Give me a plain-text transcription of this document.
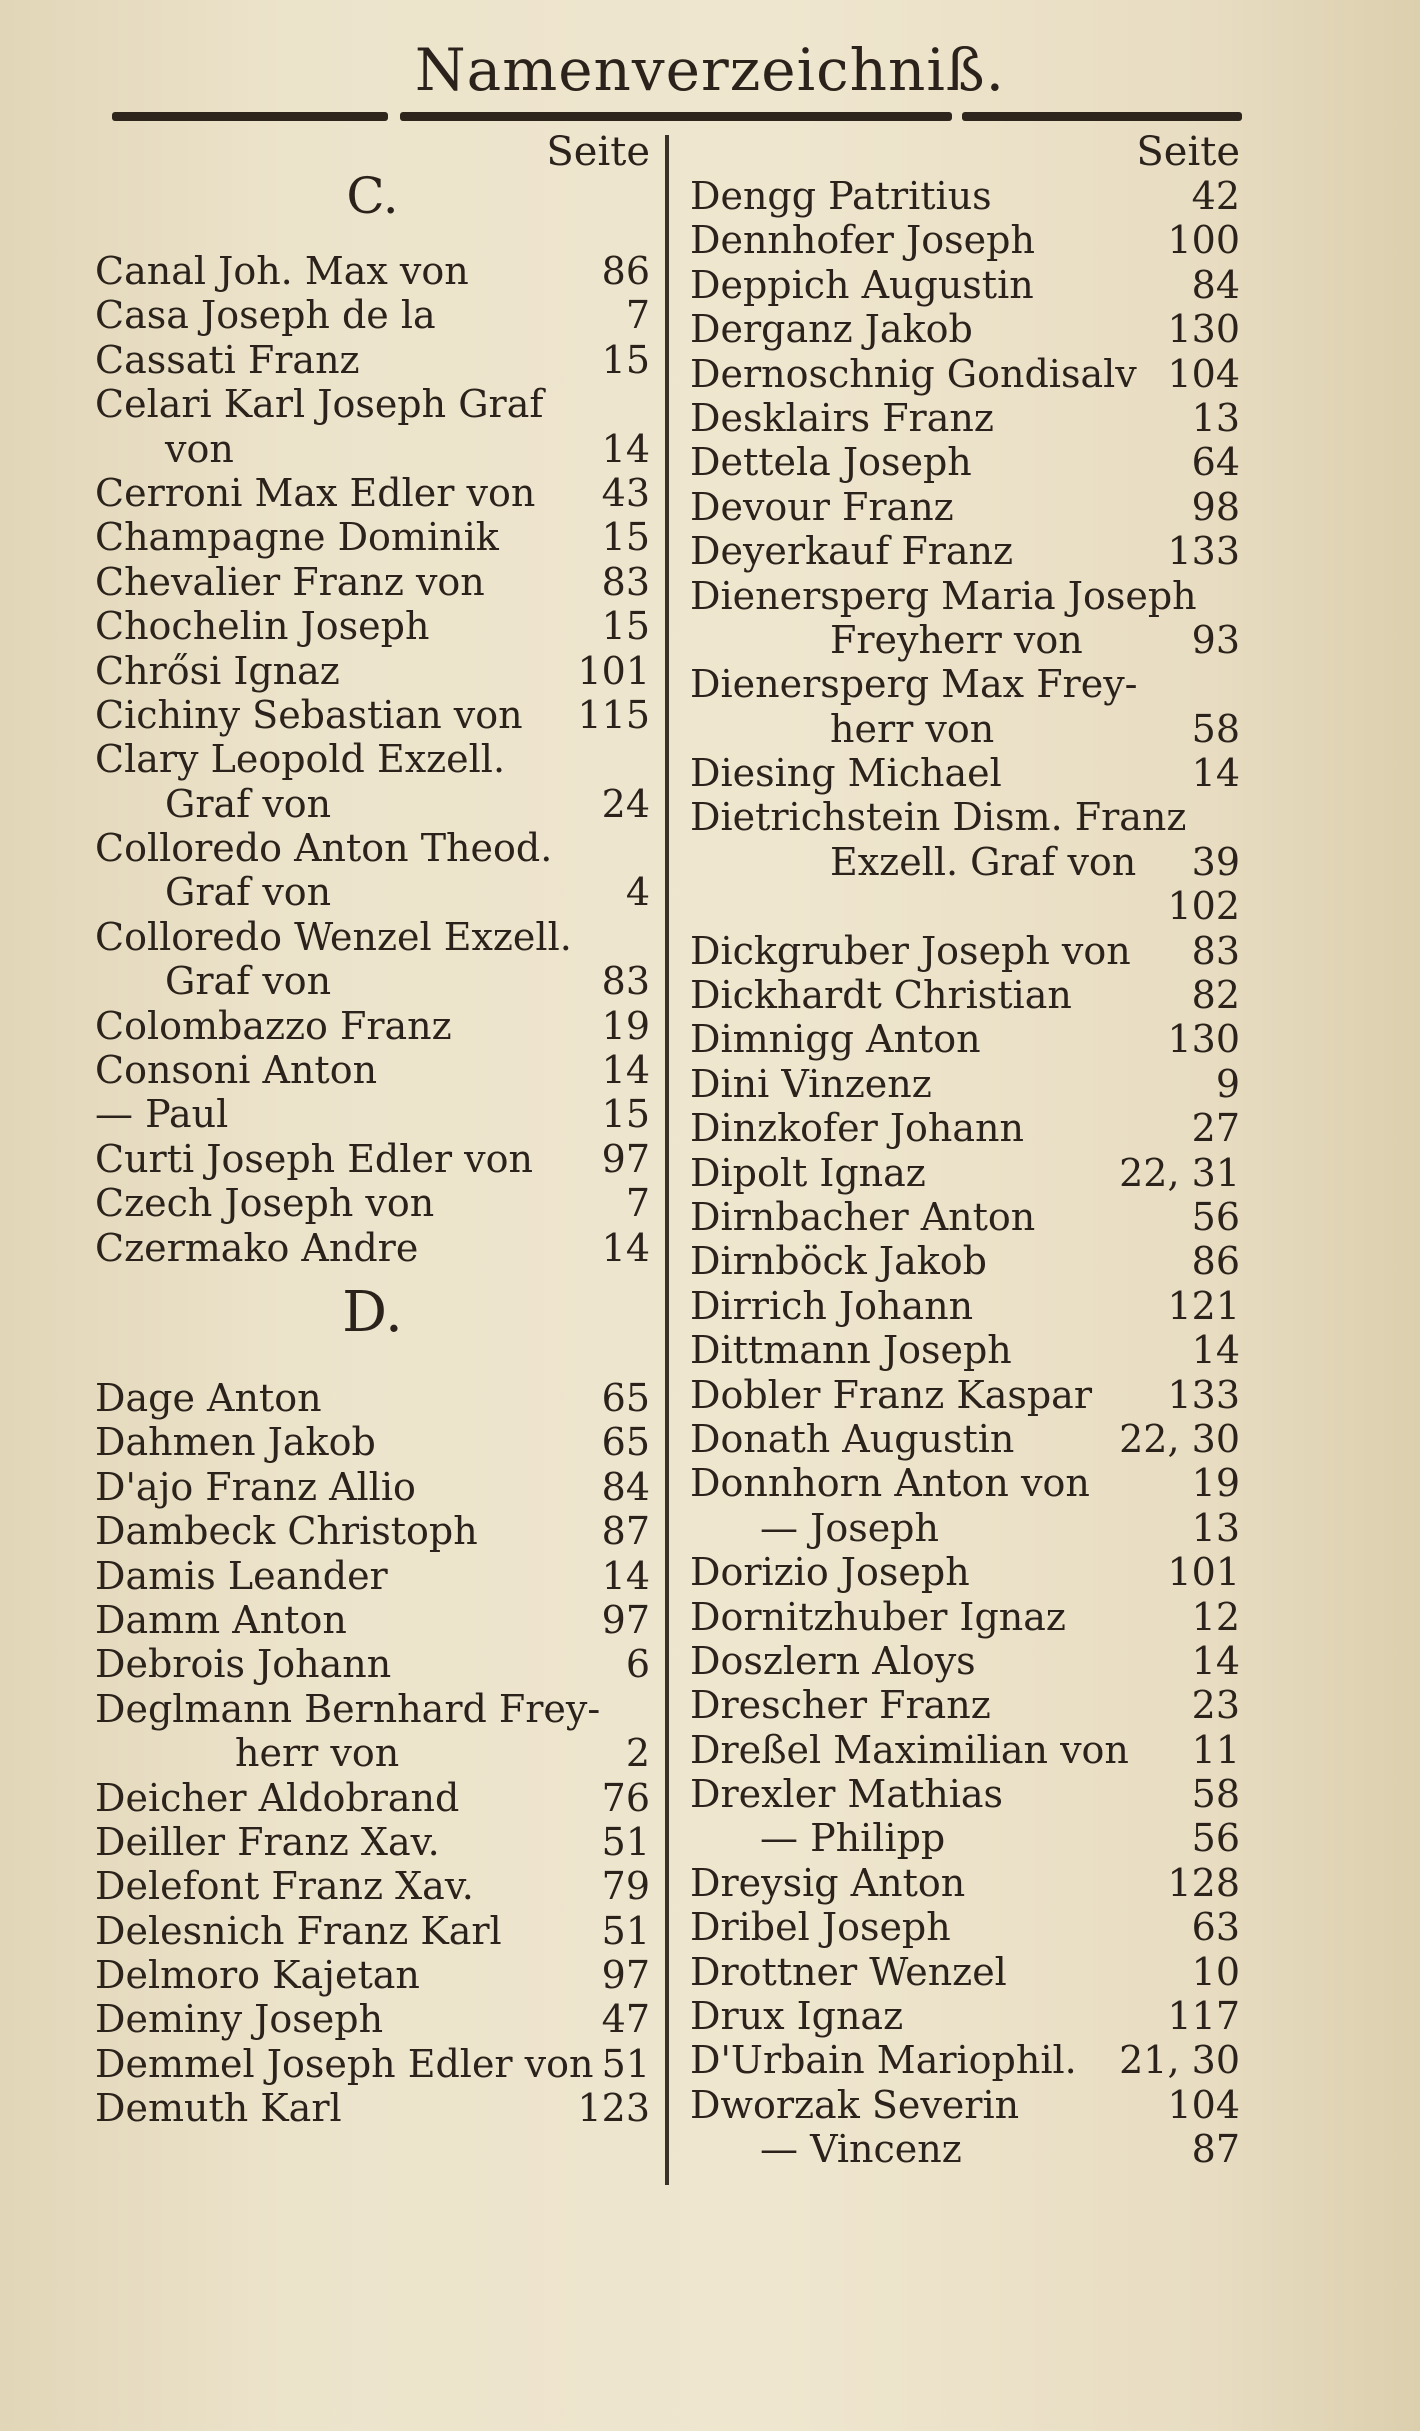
Namenverzeichniß.
Seite
C.
Canal Joh. Max von	86
Casa Joseph de la	7
Cassati Franz	15
Celari Karl Joseph Graf
von	14
Cerroni Max Edler von 43
Champagne Dominik	15
Chevalier Franz von	83
Chochelin Joseph	15
Chrősi Ignaz	101
Cichiny Sebastian von 115
Clary Leopold Exzell.
Graf von	24
Colloredo Anton Theod.
Graf von	4
Colloredo Wenzel Exzell.
Graf von	83
Colombazzo Franz	19
Consoni Anton	14
— Paul	15
Curti Joseph Edler von 97
Czech Joseph von	7
Czermako Andre	14
D.
Dage Anton	65
Dahmen Jakob	65
D'ajo Franz Allio	84
Dambeck Christoph	87
Damis Leander	14
Damm Anton	97
Debrois Johann	6
Deglmann Bernhard Frey-
herr von	2
Deicher Aldobrand	76
Deiller Franz Xav.	51
Delefont Franz Xav.	79
Delesnich Franz Karl	51
Delmoro Kajetan	97
Deminy Joseph	47
Demmel Joseph Edler von 51
Demuth Karl	123
Seite
Dengg Patritius	42
Dennhofer Joseph	100
Deppich Augustin	84
Derganz Jakob	130
Dernoschnig Gondisalv 104
Desklairs Franz	13
Dettela Joseph	64
Devour Franz	98
Deyerkauf Franz	133
Dienersperg Maria Joseph
Freyherr von	93
Dienersperg Max Frey-
herr von	58
Diesing Michael	14
Dietrichstein Dism. Franz
Exzell. Graf von 39
102
Dickgruber Joseph von 83
Dickhardt Christian	82
Dimnigg Anton	130
Dini Vinzenz	9
Dinzkofer Johann	27
Dipolt Ignaz	22, 31
Dirnbacher Anton	56
Dirnböck Jakob	86
Dirrich Johann	121
Dittmann Joseph	14
Dobler Franz Kaspar 133
Donath Augustin	22, 30
Donnhorn Anton von	19
— Joseph	13
Dorizio Joseph	101
Dornitzhuber Ignaz	12
Doszlern Aloys	14
Drescher Franz	23
Dreßel Maximilian von 11
Drexler Mathias	58
— Philipp	56
Dreysig Anton	128
Dribel Joseph	63
Drottner Wenzel	10
Drux Ignaz	117
D'Urbain Mariophil. 21, 30
Dworzak Severin	104
— Vincenz	87
